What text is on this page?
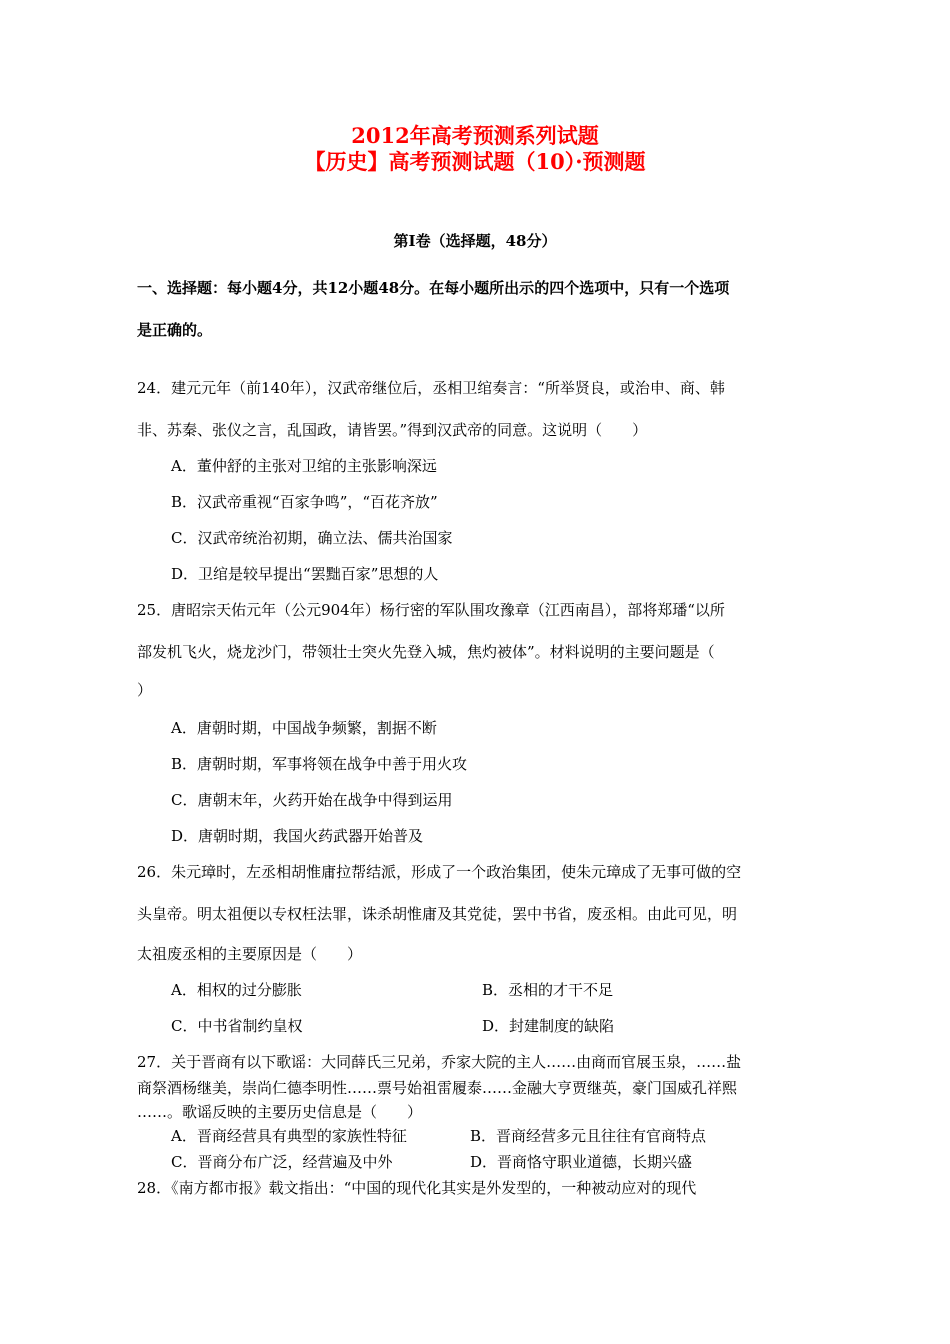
2012年高考预测系列试题
【历史】高考预测试题（10）·预测题
第Ⅰ卷（选择题，48分）
一、选择题：每小题4分，共12小题48分。在每小题所出示的四个选项中，只有一个选项
是正确的。
24．建元元年（前140年），汉武帝继位后，丞相卫绾奏言：“所举贤良，或治申、商、韩
非、苏秦、张仪之言，乱国政，请皆罢。”得到汉武帝的同意。这说明（　　）
A．董仲舒的主张对卫绾的主张影响深远
B．汉武帝重视“百家争鸣”，“百花齐放”
C．汉武帝统治初期，确立法、儒共治国家
D．卫绾是较早提出“罢黜百家”思想的人
25．唐昭宗天佑元年（公元904年）杨行密的军队围攻豫章（江西南昌），部将郑璠“以所
部发机飞火，烧龙沙门，带领壮士突火先登入城，焦灼被体”。材料说明的主要问题是（
）
A．唐朝时期，中国战争频繁，割据不断
B．唐朝时期，军事将领在战争中善于用火攻
C．唐朝末年，火药开始在战争中得到运用
D．唐朝时期，我国火药武器开始普及
26．朱元璋时，左丞相胡惟庸拉帮结派，形成了一个政治集团，使朱元璋成了无事可做的空
头皇帝。明太祖便以专权枉法罪，诛杀胡惟庸及其党徒，罢中书省，废丞相。由此可见，明
太祖废丞相的主要原因是（　　）
A．相权的过分膨胀	B．丞相的才干不足
C．中书省制约皇权	D．封建制度的缺陷
27．关于晋商有以下歌谣：大同薛氏三兄弟，乔家大院的主人……由商而官展玉泉，……盐
商祭酒杨继美，崇尚仁德李明性……票号始祖雷履泰……金融大亨贾继英，豪门国威孔祥熙
……。歌谣反映的主要历史信息是（　　）
A．晋商经营具有典型的家族性特征	B．晋商经营多元且往往有官商特点
C．晋商分布广泛，经营遍及中外	D．晋商恪守职业道德，长期兴盛
28．《南方都市报》载文指出：“中国的现代化其实是外发型的，一种被动应对的现代
